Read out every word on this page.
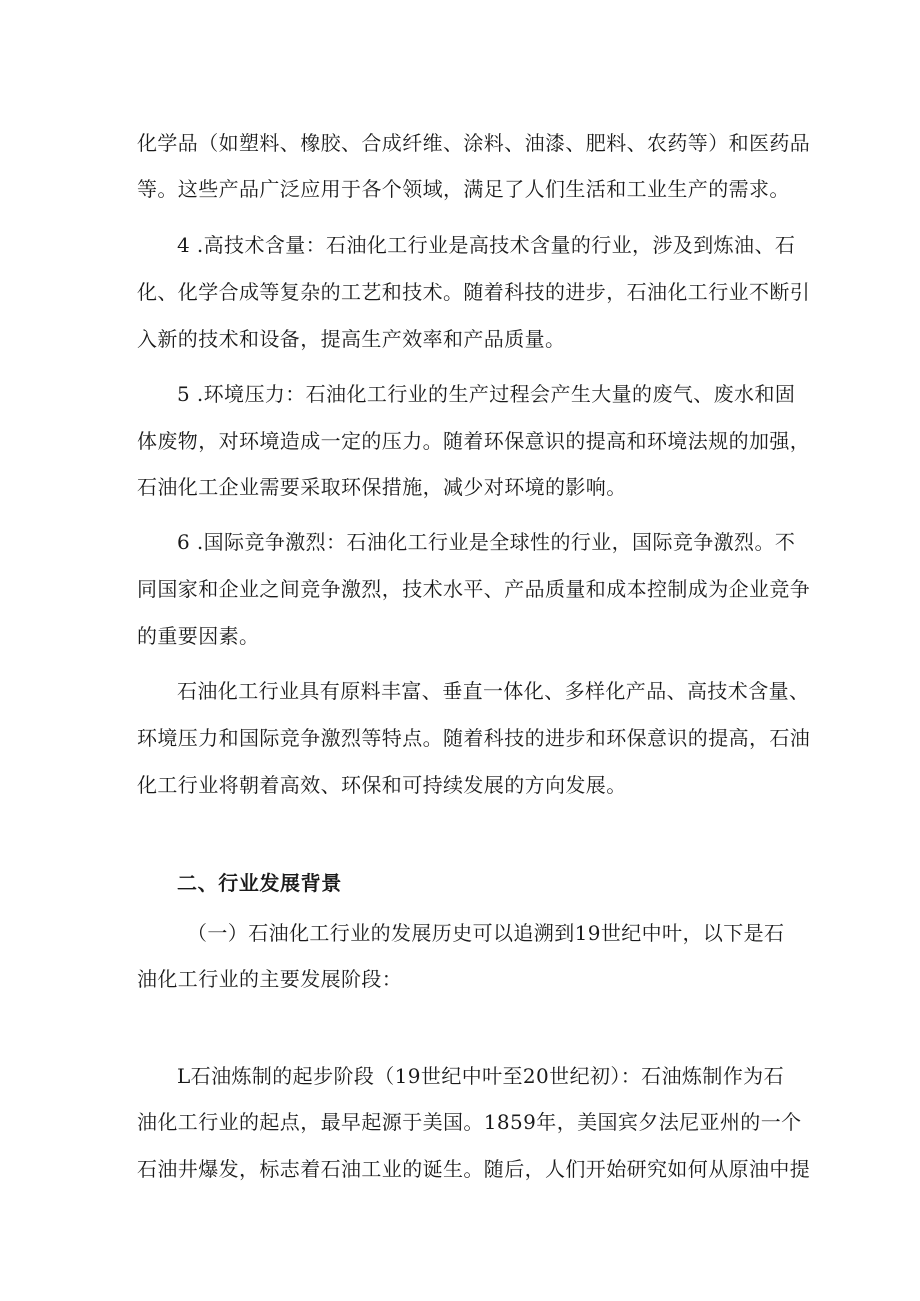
化学品（如塑料、橡胶、合成纤维、涂料、油漆、肥料、农药等）和医药品
等。这些产品广泛应用于各个领域，满足了人们生活和工业生产的需求。
4 .高技术含量：石油化工行业是高技术含量的行业，涉及到炼油、石
化、化学合成等复杂的工艺和技术。随着科技的进步，石油化工行业不断引
入新的技术和设备，提高生产效率和产品质量。
5 .环境压力：石油化工行业的生产过程会产生大量的废气、废水和固
体废物，对环境造成一定的压力。随着环保意识的提高和环境法规的加强，
石油化工企业需要采取环保措施，减少对环境的影响。
6 .国际竞争激烈：石油化工行业是全球性的行业，国际竞争激烈。不
同国家和企业之间竞争激烈，技术水平、产品质量和成本控制成为企业竞争
的重要因素。
石油化工行业具有原料丰富、垂直一体化、多样化产品、高技术含量、
环境压力和国际竞争激烈等特点。随着科技的进步和环保意识的提高，石油
化工行业将朝着高效、环保和可持续发展的方向发展。
二、行业发展背景
（一）石油化工行业的发展历史可以追溯到19世纪中叶，以下是石
油化工行业的主要发展阶段：
L石油炼制的起步阶段（19世纪中叶至20世纪初）：石油炼制作为石
油化工行业的起点，最早起源于美国。1859年，美国宾夕法尼亚州的一个
石油井爆发，标志着石油工业的诞生。随后，人们开始研究如何从原油中提
